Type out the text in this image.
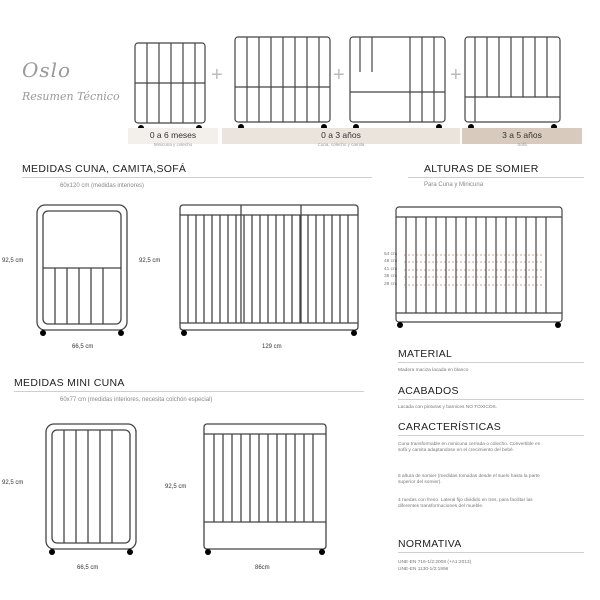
Oslo
Resumen Técnico
+	+	+
0 a 6 meses
Minicuna y colecho
0 a 3 años
Cuna, colecho y camita
3 a 5 años
Sofá
MEDIDAS CUNA, CAMITA,SOFÁ
60x120 cm (medidas interiores)
92,5 cm
66,5 cm
92,5 cm
129 cm
ALTURAS DE SOMIER
Para Cuna y Minicuna
54 cm
48 cm
41 cm
35 cm
28 cm
MATERIAL
Madera maciza lacada en blanco .
ACABADOS
Lacada con pinturas y barnices NO TÓXICOS.
CARACTERÍSTICAS
Cuna transformable en minicuna cerrada o colecho. Convertible en sofá y camita adaptandose en el crecimiento del bebé.
5 altura de somier (medidas tomadas desde el suelo hasta la parte superior del somier).
4 ruedas con freno. Lateral fijo dividido en tres, para facilitar las diferentes transformaciones del mueble.
NORMATIVA
UNE-EN 716-1/2:2008 (+A1:2013)
UNE-EN 1130-1/2:1996
MEDIDAS MINI CUNA
60x77 cm (medidas interiores, necesita colchón especial)
92,5 cm
66,5 cm
92,5 cm
86cm
